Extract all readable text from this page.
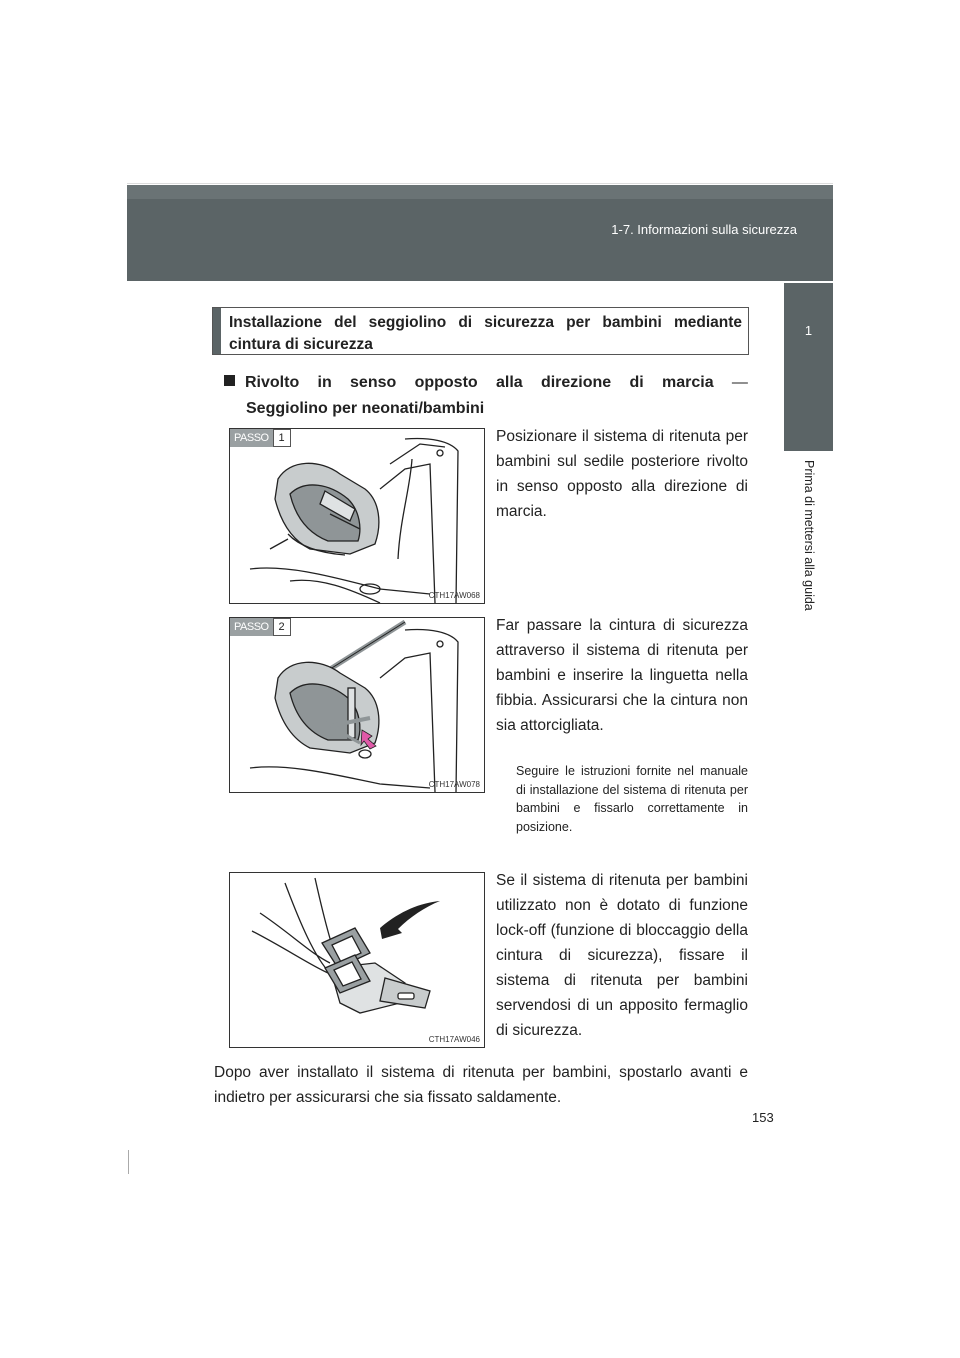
1-7. Informazioni sulla sicurezza
1
Prima di mettersi alla guida
Installazione del seggiolino di sicurezza per bambini mediante cintura di sicurezza
Rivolto in senso opposto alla direzione di marcia —
Seggiolino per neonati/bambini
PASSO 1
CTH17AW068
Posizionare il sistema di ritenuta per bambini sul sedile posteriore rivolto in senso opposto alla direzione di marcia.
PASSO 2
CTH17AW078
Far passare la cintura di sicurezza attraverso il sistema di ritenuta per bambini e inserire la linguetta nella fibbia. Assicurarsi che la cintura non sia attorcigliata.
Seguire le istruzioni fornite nel manuale di installazione del sistema di ritenuta per bambini e fissarlo correttamente in posizione.
CTH17AW046
Se il sistema di ritenuta per bambini utilizzato non è dotato di funzione lock-off (funzione di bloccaggio della cintura di sicurezza), fissare il sistema di ritenuta per bambini servendosi di un apposito fermaglio di sicurezza.
Dopo aver installato il sistema di ritenuta per bambini, spostarlo avanti e indietro per assicurarsi che sia fissato saldamente.
153
